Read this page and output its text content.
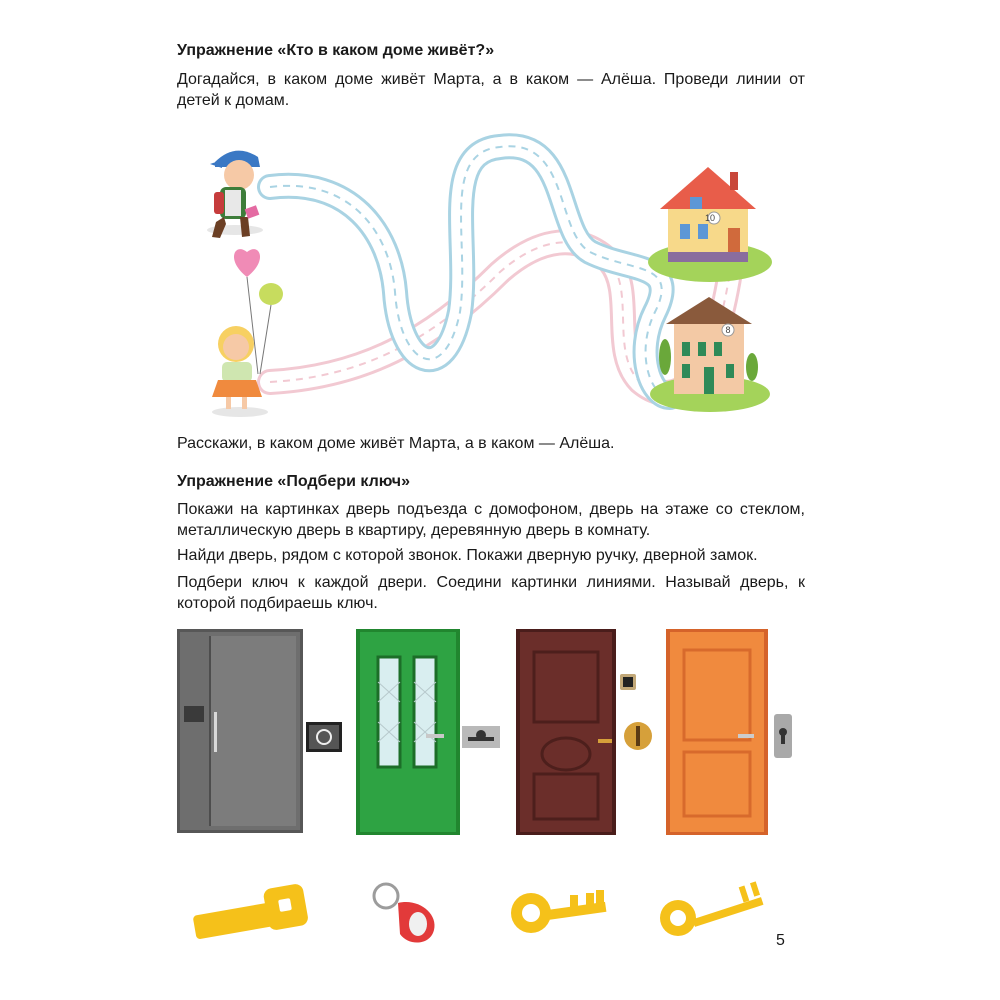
Упражнение «Кто в каком доме живёт?»
Догадайся, в каком доме живёт Марта, а в каком — Алёша. Проведи линии от детей к домам.
10
8
Расскажи, в каком доме живёт Марта, а в каком — Алёша.
Упражнение «Подбери ключ»
Покажи на картинках дверь подъезда с домофоном, дверь на этаже со стеклом, металлическую дверь в квартиру, деревянную дверь в комнату.
Найди дверь, рядом с которой звонок. Покажи дверную ручку, дверной замок.
Подбери ключ к каждой двери. Соедини картинки линиями. Называй дверь, к которой подбираешь ключ.
5
